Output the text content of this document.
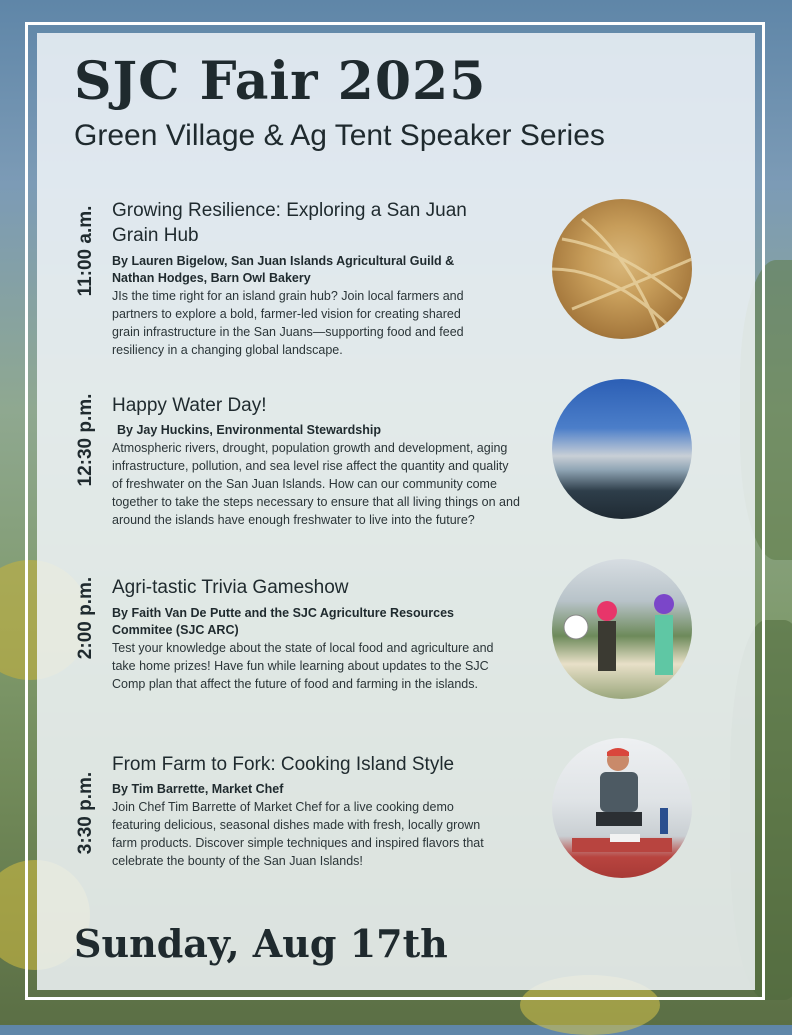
SJC Fair 2025
Green Village & Ag Tent Speaker Series
11:00 a.m. Growing Resilience: Exploring a San Juan Grain Hub

By Lauren Bigelow, San Juan Islands Agricultural Guild & Nathan Hodges, Barn Owl Bakery

JIs the time right for an island grain hub? Join local farmers and partners to explore a bold, farmer-led vision for creating shared grain infrastructure in the San Juans—supporting food and feed resiliency in a changing global landscape.

12:30 p.m. Happy Water Day!

By Jay Huckins, Environmental Stewardship

Atmospheric rivers, drought, population growth and development, aging infrastructure, pollution, and sea level rise affect the quantity and quality of freshwater on the San Juan Islands. How can our community come together to take the steps necessary to ensure that all living things on and around the islands have enough freshwater to live into the future?

2:00 p.m. Agri-tastic Trivia Gameshow

By Faith Van De Putte and the SJC Agriculture Resources Commitee (SJC ARC)

Test your knowledge about the state of local food and agriculture and take home prizes! Have fun while learning about updates to the SJC Comp plan that affect the future of food and farming in the islands.

3:30 p.m.
From Farm to Fork: Cooking Island Style

By Tim Barrette, Market Chef

Join Chef Tim Barrette of Market Chef for a live cooking demo featuring delicious, seasonal dishes made with fresh, locally grown farm products. Discover simple techniques and inspired flavors that celebrate the bounty of the San Juan Islands!

Sunday, Aug 17th
